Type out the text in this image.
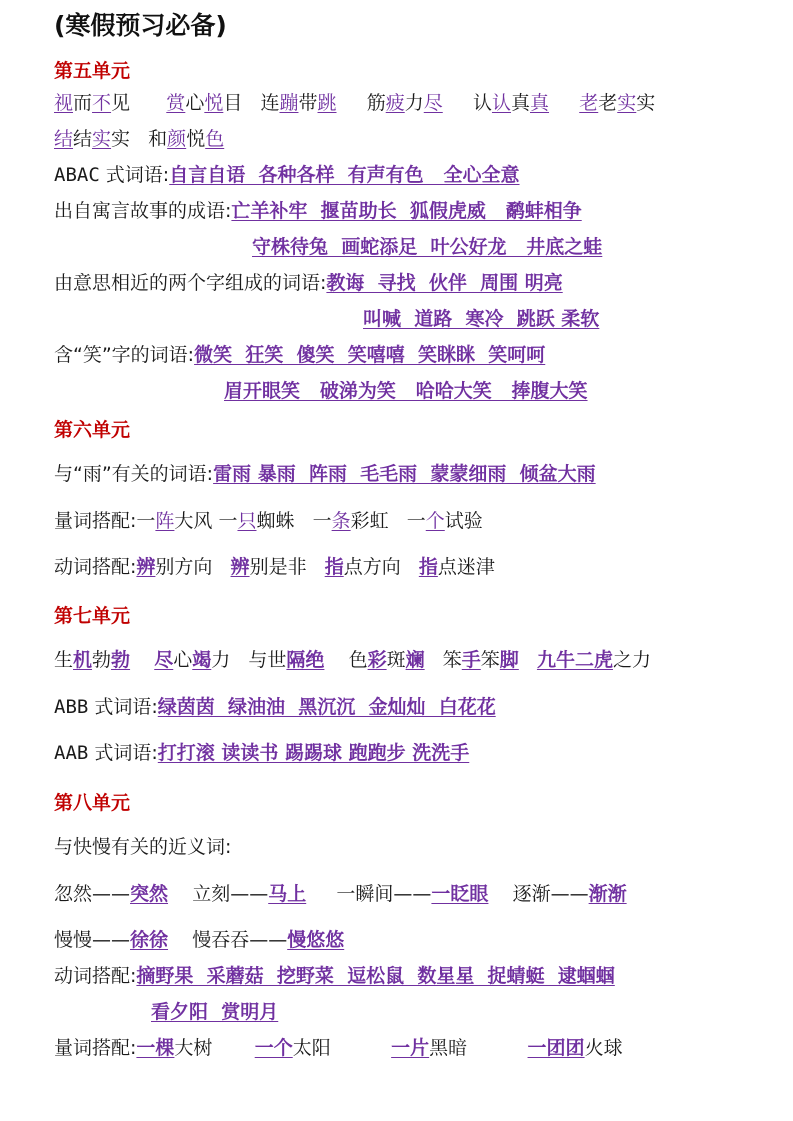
(寒假预习必备)
第五单元
第六单元
第七单元
第八单元
视而不见      赏心悦目   连蹦带跳     筋疲力尽     认认真真 老老实实
结结实实   和颜悦色
ABAC 式词语:自言自语  各种各样  有声有色   全心全意
出自寓言故事的成语:亡羊补牢  揠苗助长  狐假虎威   鹬蚌相争
守株待兔  画蛇添足  叶公好龙   井底之蛙
由意思相近的两个字组成的词语:教诲  寻找  伙伴  周围 明亮
叫喊  道路  寒冷  跳跃 柔软
含“笑”字的词语:微笑  狂笑  傻笑  笑嘻嘻  笑眯眯  笑呵呵
眉开眼笑   破涕为笑   哈哈大笑   捧腹大笑
与“雨”有关的词语:雷雨 暴雨  阵雨  毛毛雨  蒙蒙细雨  倾盆大雨
量词搭配:一阵大风 一只蜘蛛   一条彩虹   一个试验
动词搭配:辨别方向   辨别是非   指点方向   指点迷津
生机勃勃 尽心竭力   与世隔绝    色彩斑斓   笨手笨脚 九牛二虎之力
ABB 式词语:绿茵茵  绿油油  黑沉沉  金灿灿  白花花
AAB 式词语:打打滚 读读书 踢踢球 跑跑步 洗洗手
与快慢有关的近义词:
忽然——突然    立刻——马上     一瞬间——一眨眼    逐渐——渐渐
慢慢——徐徐    慢吞吞——慢悠悠
动词搭配:摘野果  采蘑菇  挖野菜  逗松鼠  数星星  捉蜻蜓  逮蝈蝈
看夕阳  赏明月
量词搭配:一棵大树       一个太阳          一片黑暗          一团团火球
